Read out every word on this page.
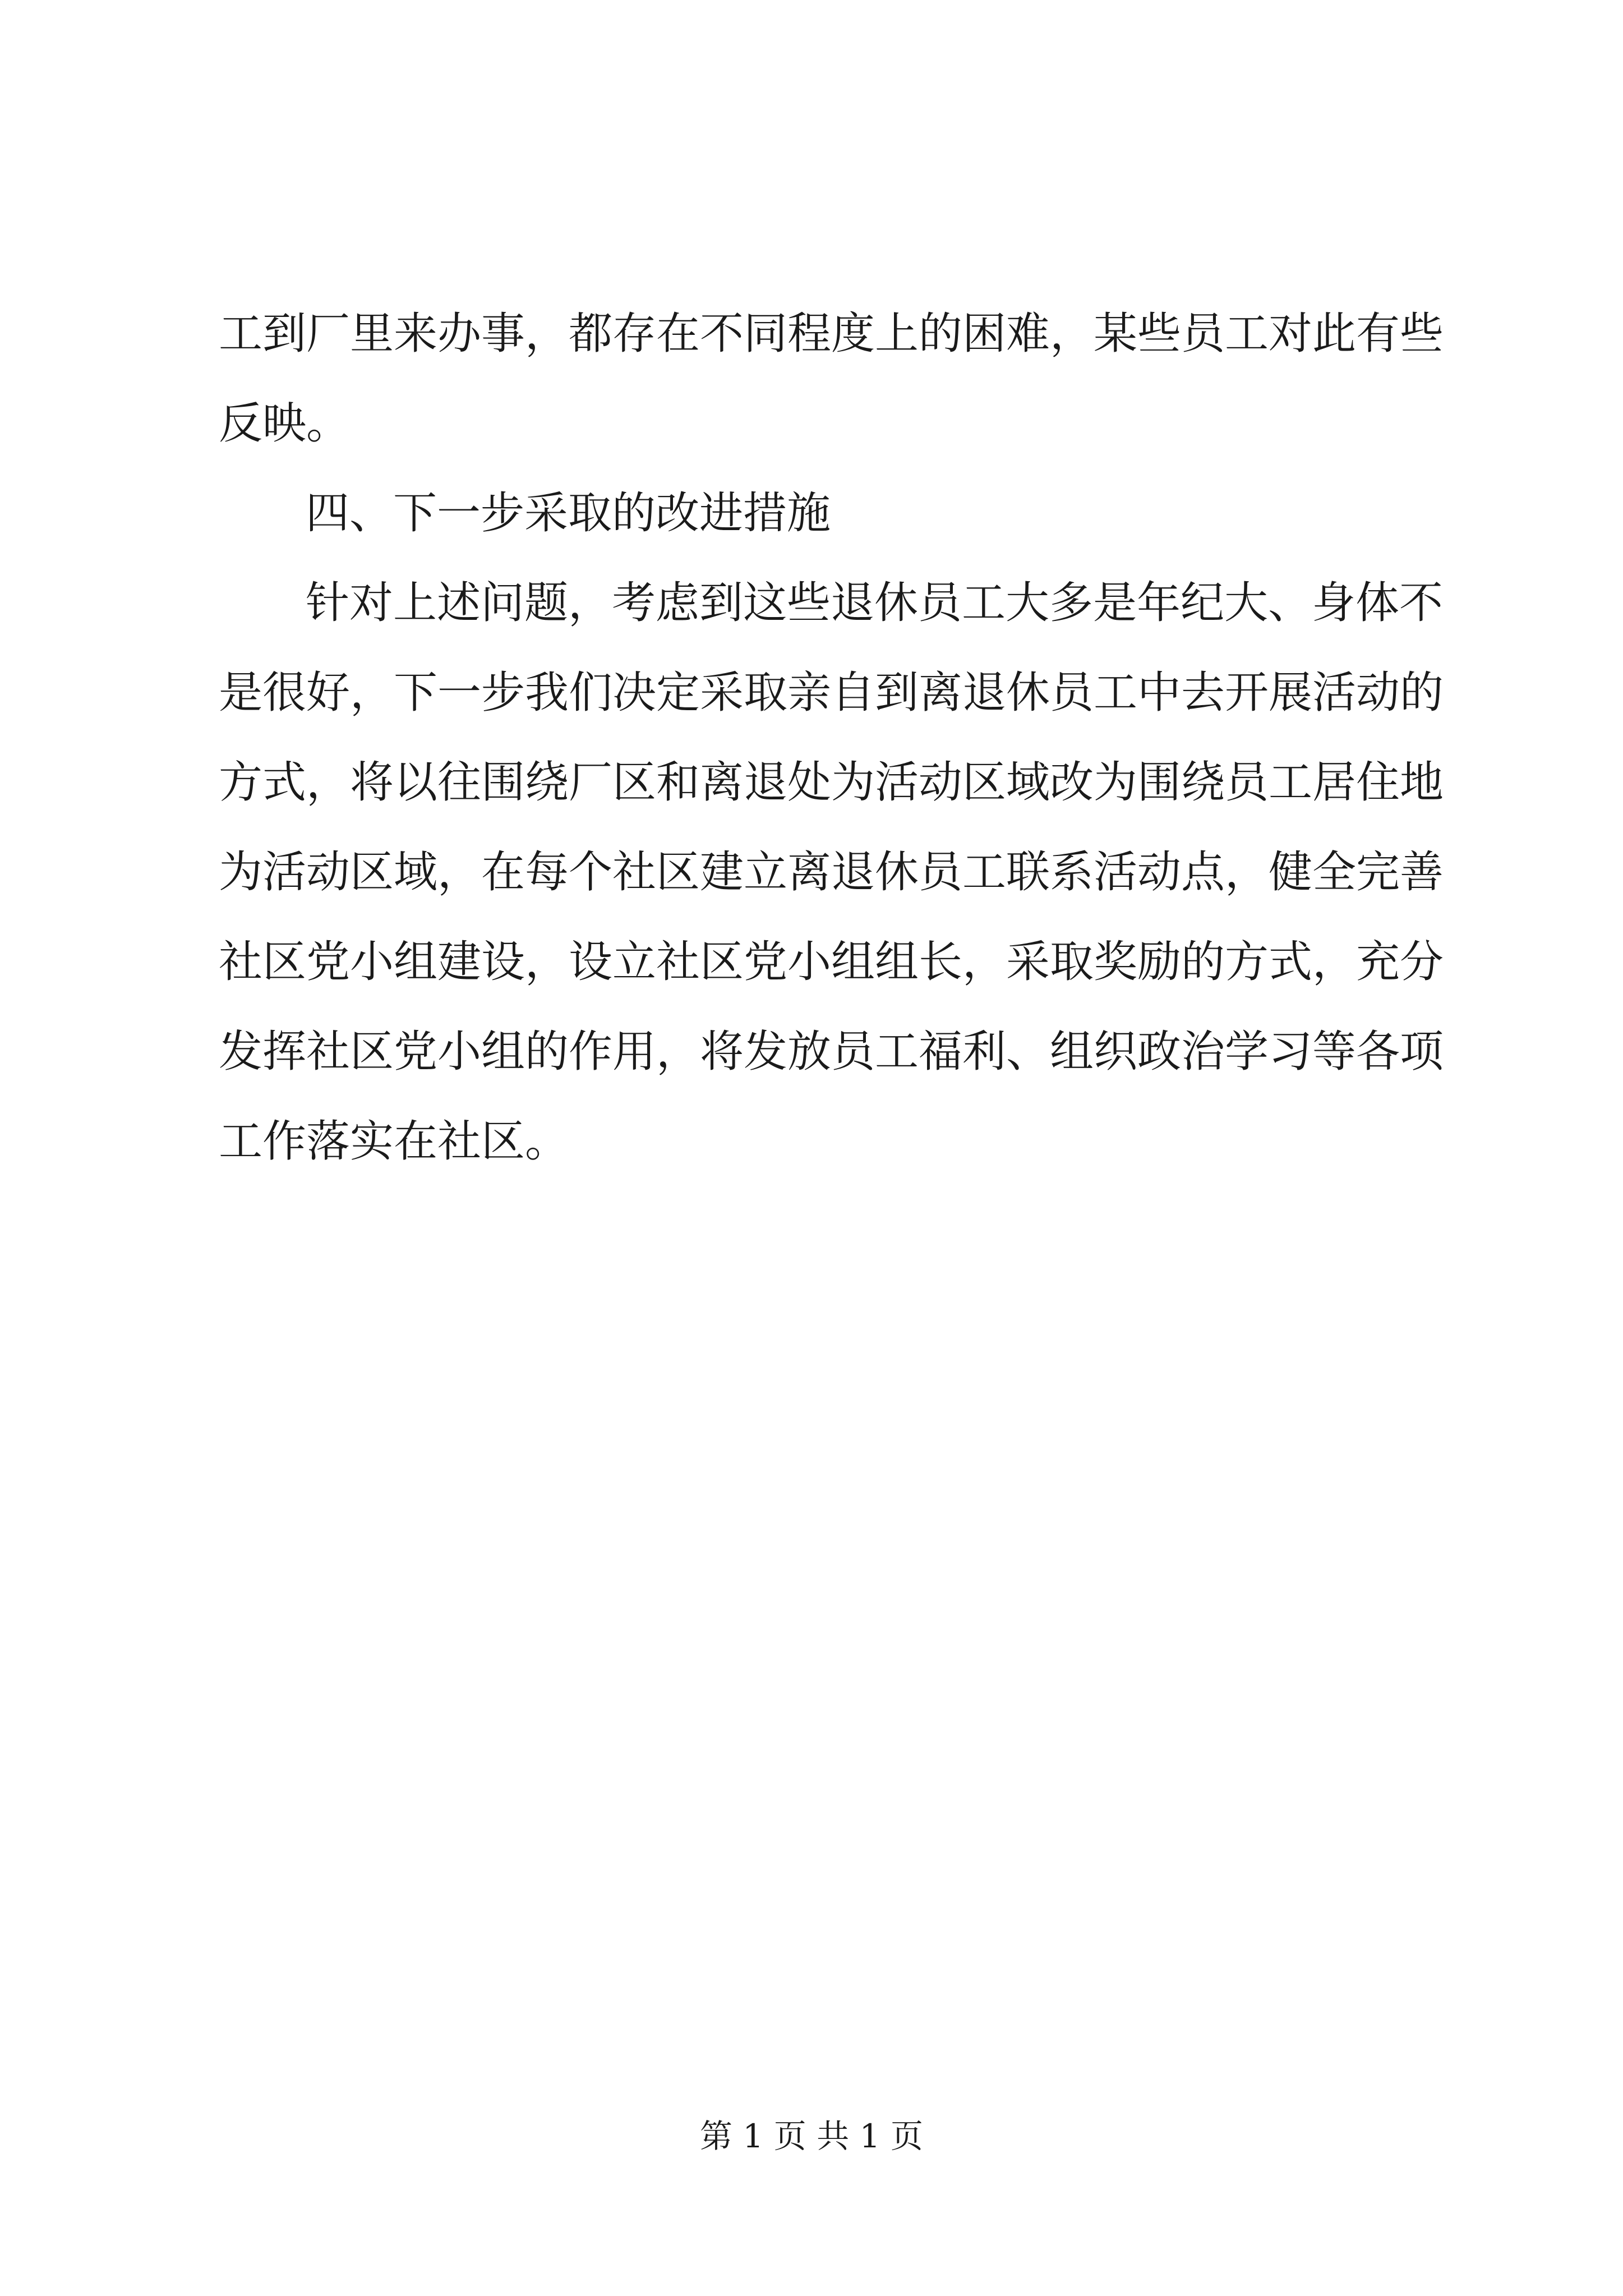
工到厂里来办事，都存在不同程度上的困难，某些员工对此有些
反映。
四、下一步采取的改进措施
针对上述问题，考虑到这些退休员工大多是年纪大、身体不
是很好，下一步我们决定采取亲自到离退休员工中去开展活动的
方式，将以往围绕厂区和离退处为活动区域改为围绕员工居住地
为活动区域，在每个社区建立离退休员工联系活动点，健全完善
社区党小组建设，设立社区党小组组长，采取奖励的方式，充分
发挥社区党小组的作用，将发放员工福利、组织政治学习等各项
工作落实在社区。
第 1 页 共 1 页
